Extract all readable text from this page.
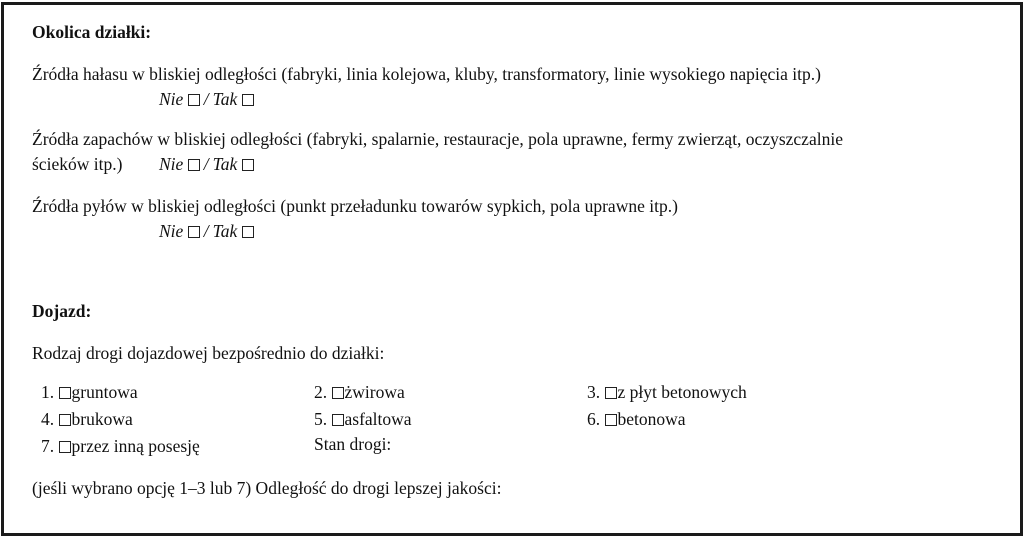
Okolica działki:
Źródła hałasu w bliskiej odległości (fabryki, linia kolejowa, kluby, transformatory, linie wysokiego napięcia itp.)
Nie / Tak
Źródła zapachów w bliskiej odległości (fabryki, spalarnie, restauracje, pola uprawne, fermy zwierząt, oczyszczalnie
ścieków itp.) Nie / Tak
Źródła pyłów w bliskiej odległości (punkt przeładunku towarów sypkich, pola uprawne itp.)
Nie / Tak
Dojazd:
Rodzaj drogi dojazdowej bezpośrednio do działki:
1. gruntowa	2. żwirowa	3. z płyt betonowych
4. brukowa	5. asfaltowa	6. betonowa
7. przez inną posesję	Stan drogi:
(jeśli wybrano opcję 1–3 lub 7) Odległość do drogi lepszej jakości:
